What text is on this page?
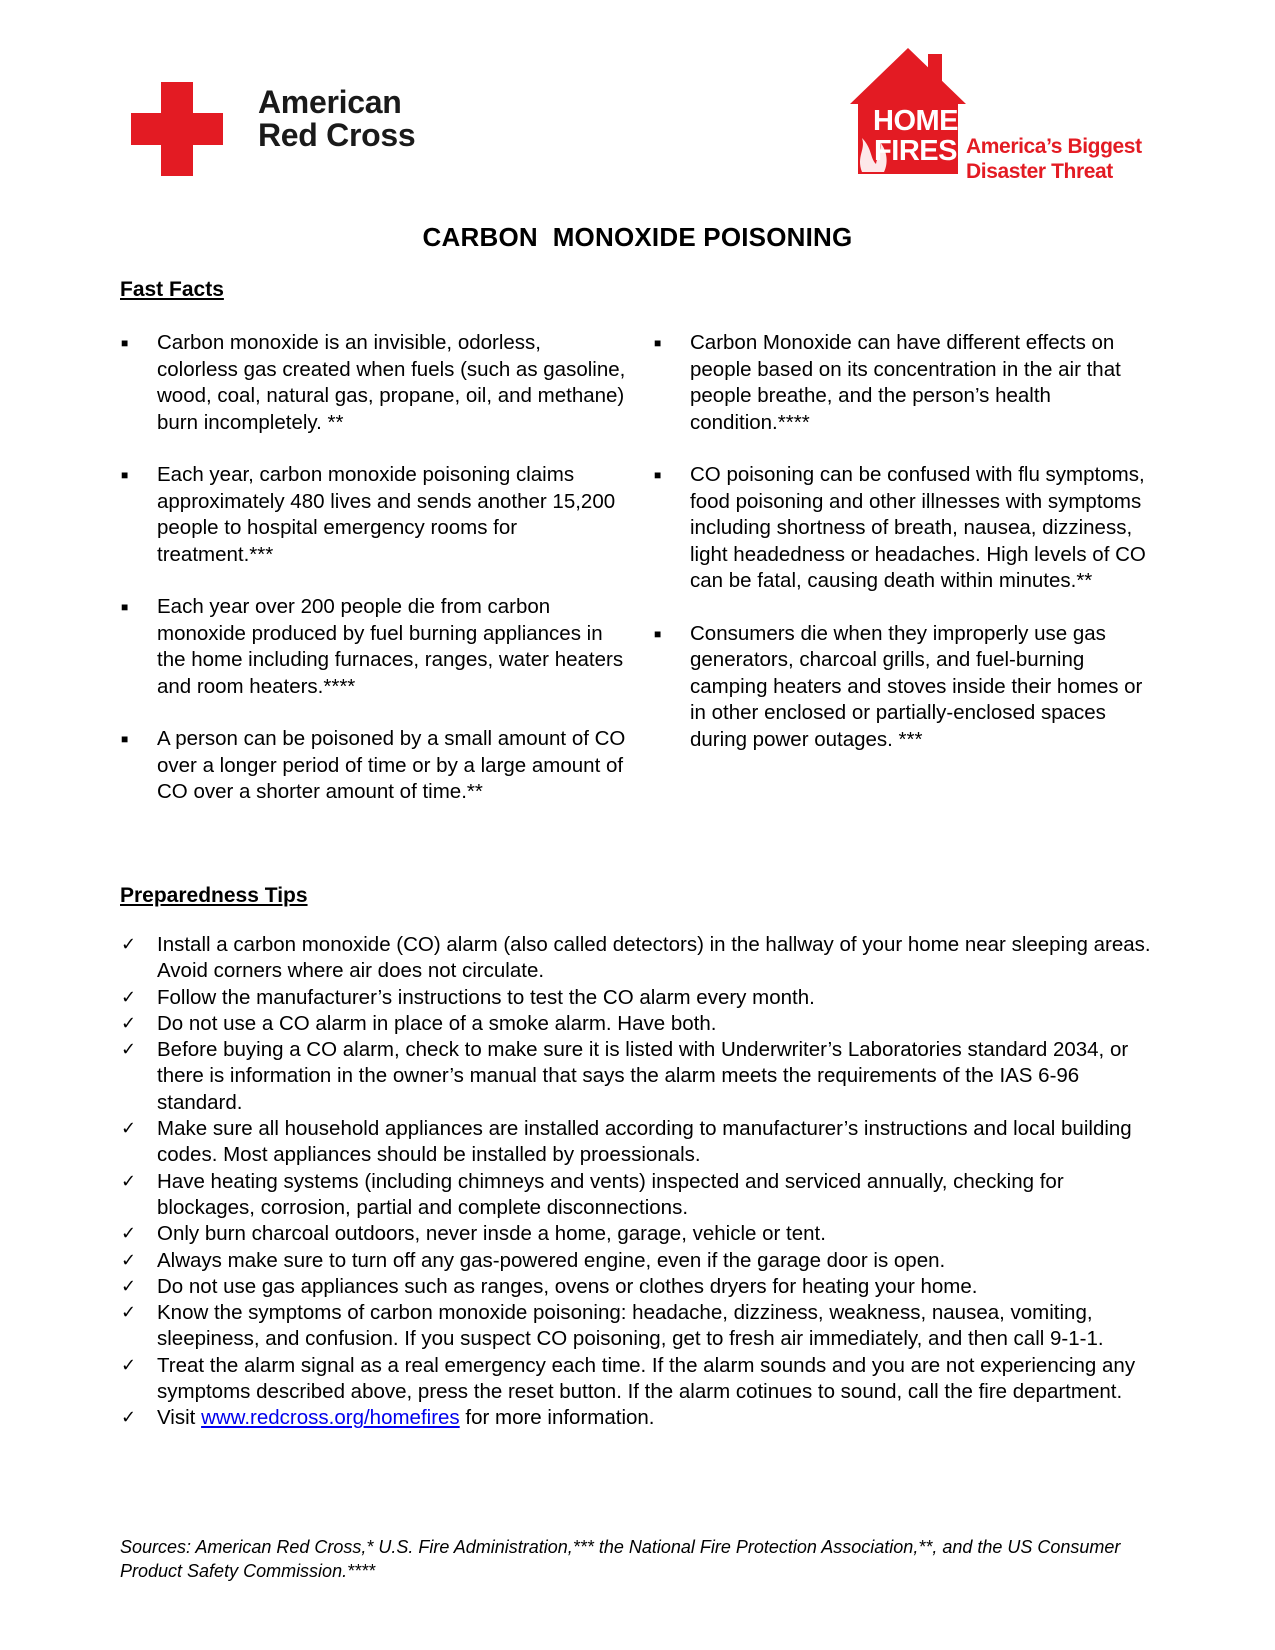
American
Red Cross	HOME
FIRES America’s Biggest
Disaster Threat
CARBON  MONOXIDE POISONING
Fast Facts
■ Carbon monoxide is an invisible, odorless, colorless gas created when fuels (such as gasoline, wood, coal, natural gas, propane, oil, and methane) burn incompletely. **
■ Each year, carbon monoxide poisoning claims approximately 480 lives and sends another 15,200 people to hospital emergency rooms for treatment.***
■ Each year over 200 people die from carbon monoxide produced by fuel burning appliances in the home including furnaces, ranges, water heaters and room heaters.****
■ A person can be poisoned by a small amount of CO over a longer period of time or by a large amount of CO over a shorter amount of time.**
■ Carbon Monoxide can have different effects on people based on its concentration in the air that people breathe, and the person’s health condition.****
■ CO poisoning can be confused with flu symptoms, food poisoning and other illnesses with symptoms including shortness of breath, nausea, dizziness, light headedness or headaches. High levels of CO can be fatal, causing death within minutes.**
■ Consumers die when they improperly use gas generators, charcoal grills, and fuel-burning camping heaters and stoves inside their homes or in other enclosed or partially-enclosed spaces during power outages. ***
Preparedness Tips
✓ Install a carbon monoxide (CO) alarm (also called detectors) in the hallway of your home near sleeping areas. Avoid corners where air does not circulate.
✓ Follow the manufacturer’s instructions to test the CO alarm every month.
✓ Do not use a CO alarm in place of a smoke alarm. Have both.
✓ Before buying a CO alarm, check to make sure it is listed with Underwriter’s Laboratories standard 2034, or there is information in the owner’s manual that says the alarm meets the requirements of the IAS 6-96 standard.
✓ Make sure all household appliances are installed according to manufacturer’s instructions and local building codes. Most appliances should be installed by proessionals.
✓ Have heating systems (including chimneys and vents) inspected and serviced annually, checking for blockages, corrosion, partial and complete disconnections.
✓ Only burn charcoal outdoors, never insde a home, garage, vehicle or tent.
✓ Always make sure to turn off any gas-powered engine, even if the garage door is open.
✓ Do not use gas appliances such as ranges, ovens or clothes dryers for heating your home.
✓ Know the symptoms of carbon monoxide poisoning: headache, dizziness, weakness, nausea, vomiting, sleepiness, and confusion. If you suspect CO poisoning, get to fresh air immediately, and then call 9-1-1.
✓ Treat the alarm signal as a real emergency each time. If the alarm sounds and you are not experiencing any symptoms described above, press the reset button. If the alarm cotinues to sound, call the fire department.
✓ Visit www.redcross.org/homefires for more information.
Sources: American Red Cross,* U.S. Fire Administration,*** the National Fire Protection Association,**, and the US Consumer Product Safety Commission.****
